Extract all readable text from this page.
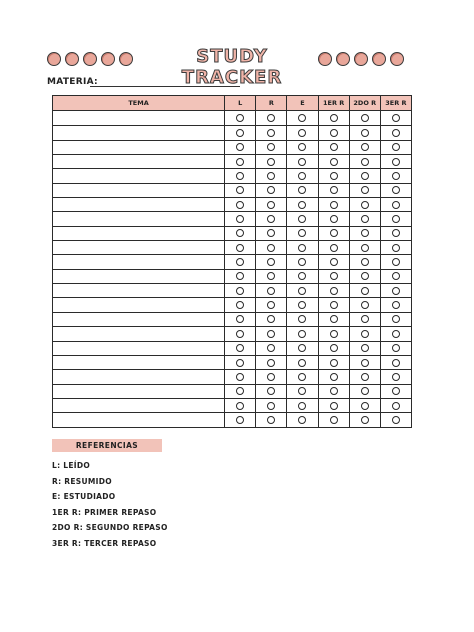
STUDY TRACKER
MATERIA:
TEMA	L	R	E	1ER R	2DO R	3ER R
REFERENCIAS
L: LEÍDO
R: RESUMIDO
E: ESTUDIADO
1ER R: PRIMER REPASO
2DO R: SEGUNDO REPASO
3ER R: TERCER REPASO
